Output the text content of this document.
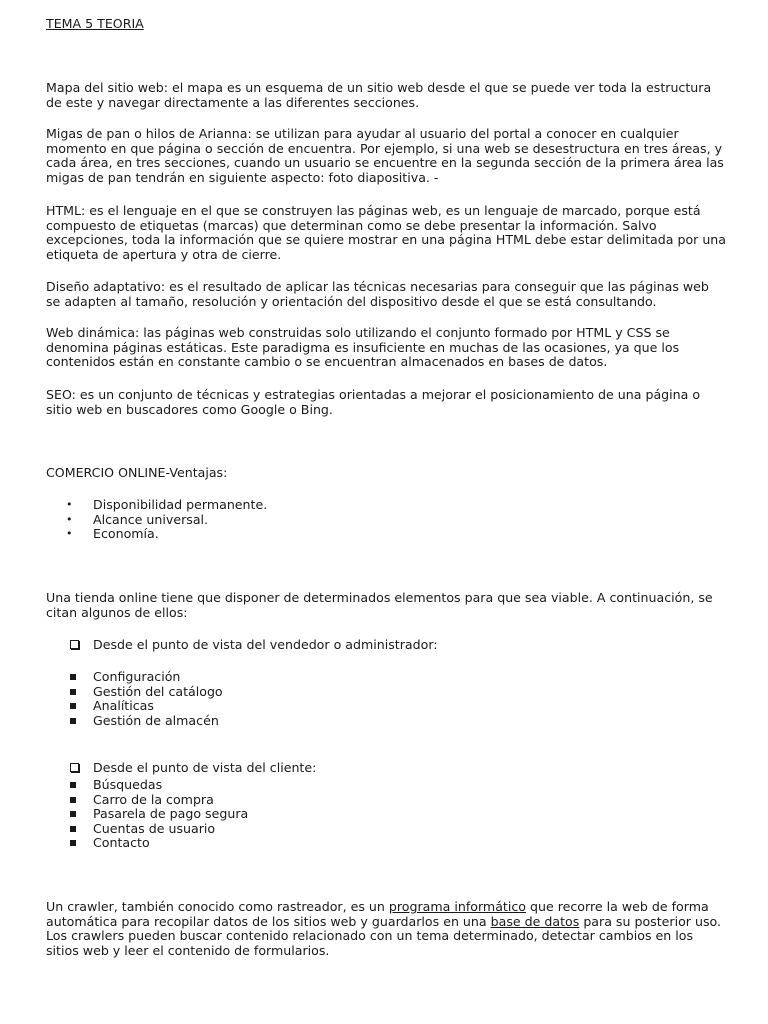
TEMA 5 TEORIA

Mapa del sitio web: el mapa es un esquema de un sitio web desde el que se puede ver toda la estructura de este y navegar directamente a las diferentes secciones.

Migas de pan o hilos de Arianna: se utilizan para ayudar al usuario del portal a conocer en cualquier momento en que página o sección de encuentra. Por ejemplo, si una web se desestructura en tres áreas, y cada área, en tres secciones, cuando un usuario se encuentre en la segunda sección de la primera área las migas de pan tendrán en siguiente aspecto: foto diapositiva. -

HTML: es el lenguaje en el que se construyen las páginas web, es un lenguaje de marcado, porque está compuesto de etiquetas (marcas) que determinan como se debe presentar la información. Salvo excepciones, toda la información que se quiere mostrar en una página HTML debe estar delimitada por una etiqueta de apertura y otra de cierre.

Diseño adaptativo: es el resultado de aplicar las técnicas necesarias para conseguir que las páginas web se adapten al tamaño, resolución y orientación del dispositivo desde el que se está consultando.

Web dinámica: las páginas web construidas solo utilizando el conjunto formado por HTML y CSS se denomina páginas estáticas. Este paradigma es insuficiente en muchas de las ocasiones, ya que los contenidos están en constante cambio o se encuentran almacenados en bases de datos.

SEO: es un conjunto de técnicas y estrategias orientadas a mejorar el posicionamiento de una página o sitio web en buscadores como Google o Bing.

COMERCIO ONLINE-Ventajas:

• Disponibilidad permanente.
• Alcance universal.
• Economía.

Una tienda online tiene que disponer de determinados elementos para que sea viable. A continuación, se citan algunos de ellos:

Desde el punto de vista del vendedor o administrador:
Configuración
Gestión del catálogo
Analíticas
Gestión de almacén
Desde el punto de vista del cliente:
Búsquedas
Carro de la compra
Pasarela de pago segura
Cuentas de usuario
Contacto

Un crawler, también conocido como rastreador, es un programa informático que recorre la web de forma automática para recopilar datos de los sitios web y guardarlos en una base de datos para su posterior uso. Los crawlers pueden buscar contenido relacionado con un tema determinado, detectar cambios en los sitios web y leer el contenido de formularios.
